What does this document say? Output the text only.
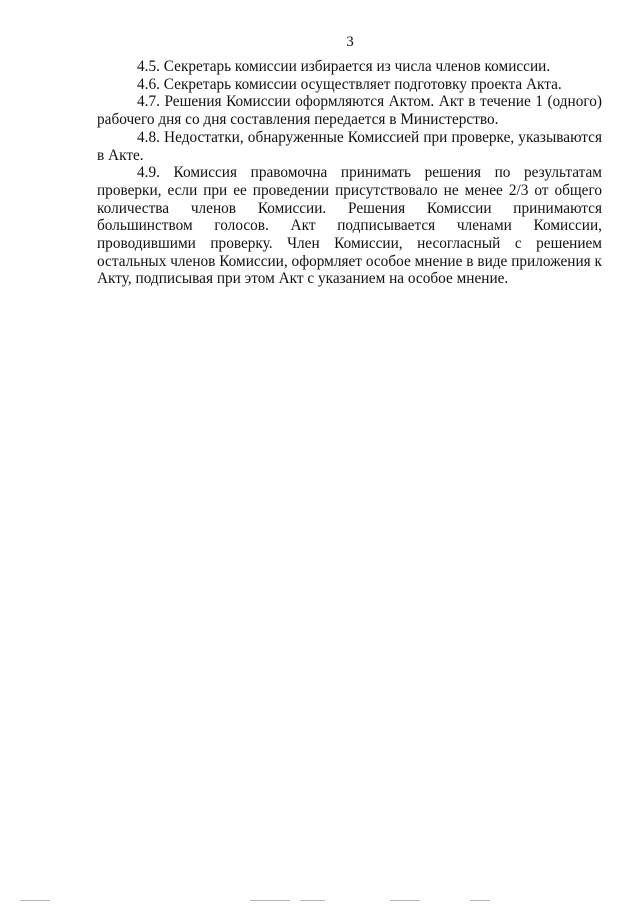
3

4.5. Секретарь комиссии избирается из числа членов комиссии.

4.6. Секретарь комиссии осуществляет подготовку проекта Акта.

4.7. Решения Комиссии оформляются Актом. Акт в течение 1 (одного) рабочего дня со дня составления передается в Министерство.

4.8. Недостатки, обнаруженные Комиссией при проверке, указываются в Акте.

4.9. Комиссия правомочна принимать решения по результатам проверки, если при ее проведении присутствовало не менее 2/3 от общего количества членов Комиссии. Решения Комиссии принимаются большинством голосов. Акт подписывается членами Комиссии, проводившими проверку. Член Комиссии, несогласный с решением остальных членов Комиссии, оформляет особое мнение в виде приложения к Акту, подписывая при этом Акт с указанием на особое мнение.
